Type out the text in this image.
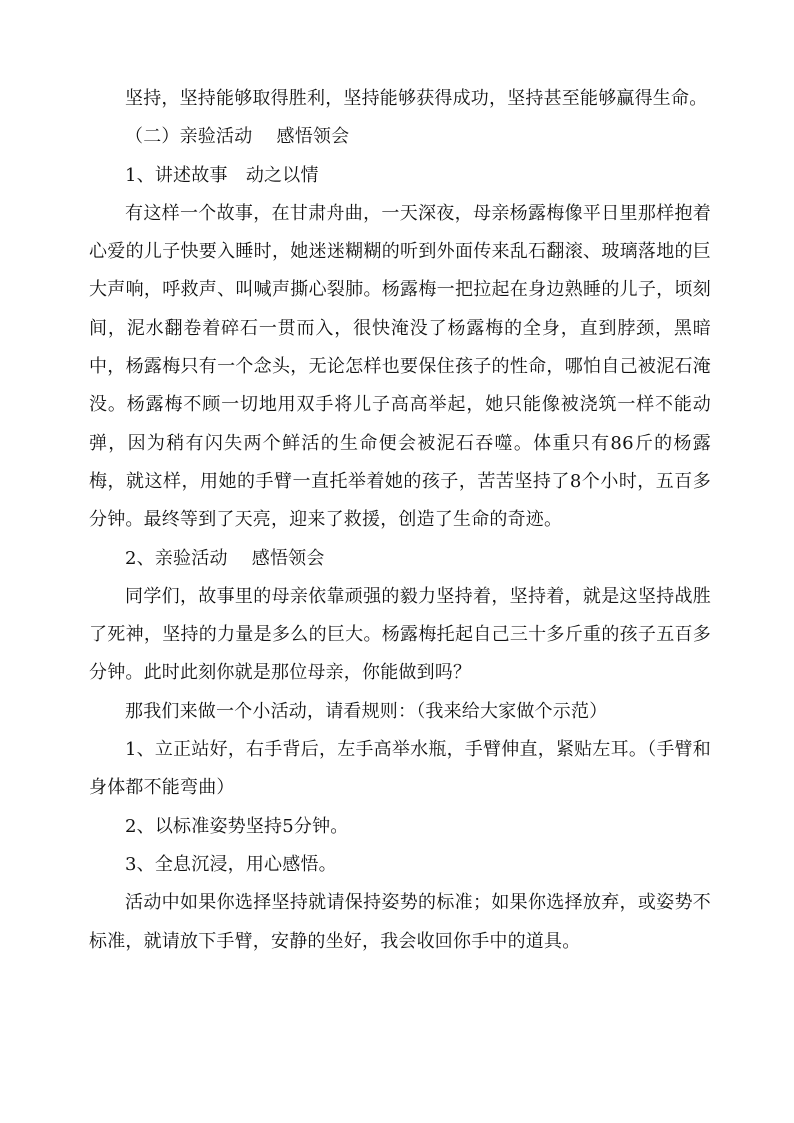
坚持，坚持能够取得胜利，坚持能够获得成功，坚持甚至能够赢得生命。

（二）亲验活动　 感悟领会

1、讲述故事　动之以情

有这样一个故事，在甘肃舟曲，一天深夜，母亲杨露梅像平日里那样抱着心爱的儿子快要入睡时，她迷迷糊糊的听到外面传来乱石翻滚、玻璃落地的巨大声响，呼救声、叫喊声撕心裂肺。杨露梅一把拉起在身边熟睡的儿子，顷刻间，泥水翻卷着碎石一贯而入，很快淹没了杨露梅的全身，直到脖颈，黑暗中，杨露梅只有一个念头，无论怎样也要保住孩子的性命，哪怕自己被泥石淹没。杨露梅不顾一切地用双手将儿子高高举起，她只能像被浇筑一样不能动弹，因为稍有闪失两个鲜活的生命便会被泥石吞噬。体重只有86斤的杨露梅，就这样，用她的手臂一直托举着她的孩子，苦苦坚持了8个小时，五百多分钟。最终等到了天亮，迎来了救援，创造了生命的奇迹。

2、亲验活动　 感悟领会

同学们，故事里的母亲依靠顽强的毅力坚持着，坚持着，就是这坚持战胜了死神，坚持的力量是多么的巨大。杨露梅托起自己三十多斤重的孩子五百多分钟。此时此刻你就是那位母亲，你能做到吗？

那我们来做一个小活动，请看规则：（我来给大家做个示范）

1、立正站好，右手背后，左手高举水瓶，手臂伸直，紧贴左耳。（手臂和身体都不能弯曲）

2、以标准姿势坚持5分钟。

3、全息沉浸，用心感悟。

活动中如果你选择坚持就请保持姿势的标准；如果你选择放弃，或姿势不标准，就请放下手臂，安静的坐好，我会收回你手中的道具。
